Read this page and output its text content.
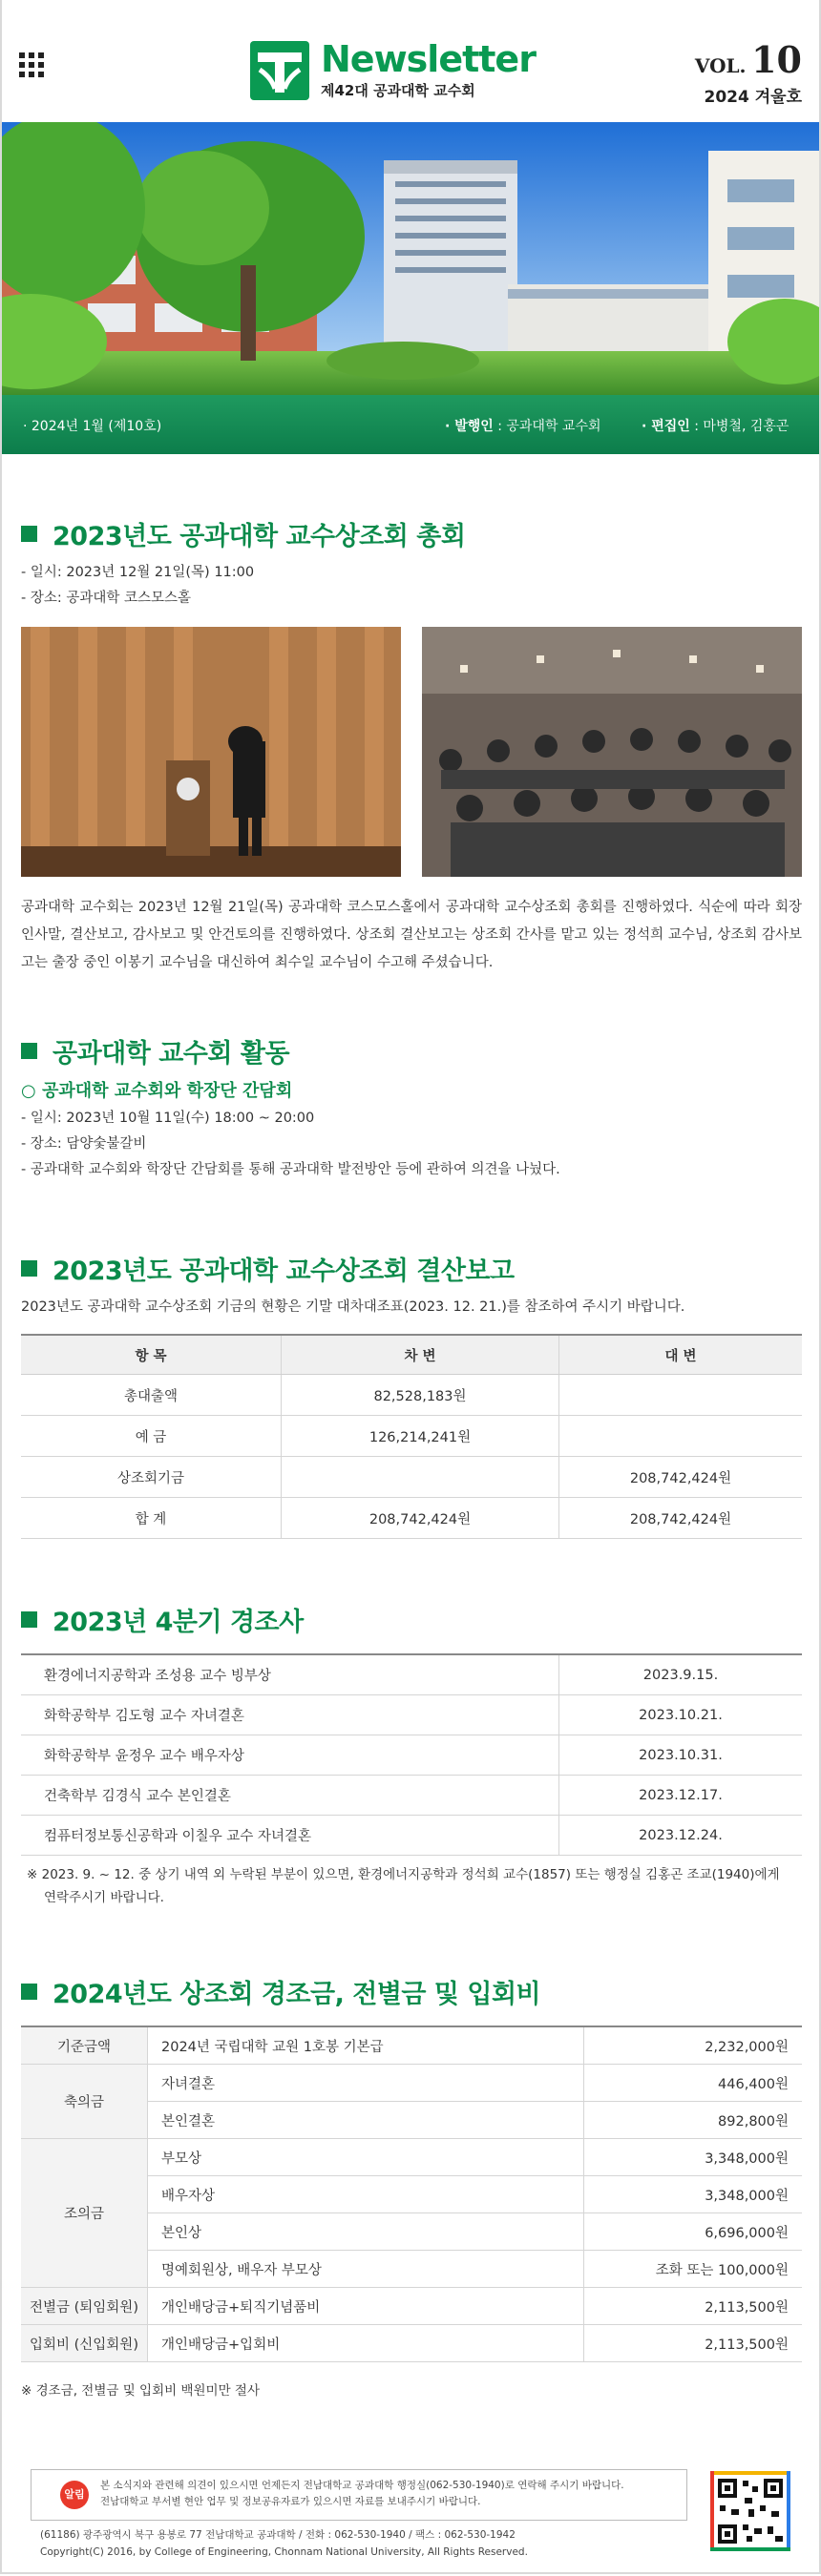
Newsletter
제42대 공과대학 교수회
VOL. 10
2024 겨울호
· 2024년 1월 (제10호)	· 발행인 : 공과대학 교수회	· 편집인 : 마병철, 김홍곤
2023년도 공과대학 교수상조회 총회
- 일시: 2023년 12월 21일(목) 11:00
- 장소: 공과대학 코스모스홀
공과대학 교수회는 2023년 12월 21일(목) 공과대학 코스모스홀에서 공과대학 교수상조회 총회를 진행하였다. 식순에 따라 회장 인사말, 결산보고, 감사보고 및 안건토의를 진행하였다. 상조회 결산보고는 상조회 간사를 맡고 있는 정석희 교수님, 상조회 감사보고는 출장 중인 이봉기 교수님을 대신하여 최수일 교수님이 수고해 주셨습니다.
공과대학 교수회 활동
○ 공과대학 교수회와 학장단 간담회
- 일시: 2023년 10월 11일(수) 18:00 ~ 20:00
- 장소: 담양숯불갈비
- 공과대학 교수회와 학장단 간담회를 통해 공과대학 발전방안 등에 관하여 의견을 나눴다.
2023년도 공과대학 교수상조회 결산보고
2023년도 공과대학 교수상조회 기금의 현황은 기말 대차대조표(2023. 12. 21.)를 참조하여 주시기 바랍니다.
항 목	차 변	대 변
총대출액	82,528,183원	
예 금	126,214,241원	
상조회기금		208,742,424원
합 계	208,742,424원	208,742,424원
2023년 4분기 경조사
환경에너지공학과 조성용 교수 빙부상	2023.9.15.
화학공학부 김도형 교수 자녀결혼	2023.10.21.
화학공학부 윤정우 교수 배우자상	2023.10.31.
건축학부 김경식 교수 본인결혼	2023.12.17.
컴퓨터정보통신공학과 이칠우 교수 자녀결혼	2023.12.24.
※ 2023. 9. ~ 12. 중 상기 내역 외 누락된 부분이 있으면, 환경에너지공학과 정석희 교수(1857) 또는 행정실 김홍곤 조교(1940)에게
연락주시기 바랍니다.
2024년도 상조회 경조금, 전별금 및 입회비
기준금액	2024년 국립대학 교원 1호봉 기본급	2,232,000원
축의금	자녀결혼	446,400원
	본인결혼	892,800원
조의금	부모상	3,348,000원
	배우자상	3,348,000원
	본인상	6,696,000원
	명예회원상, 배우자 부모상	조화 또는 100,000원
전별금 (퇴임회원)	개인배당금+퇴직기념품비	2,113,500원
입회비 (신입회원)	개인배당금+입회비	2,113,500원
※ 경조금, 전별금 및 입회비 백원미만 절사
알림
본 소식지와 관련해 의견이 있으시면 언제든지 전남대학교 공과대학 행정실(062-530-1940)로 연락해 주시기 바랍니다.
전남대학교 부서별 현안 업무 및 정보공유자료가 있으시면 자료를 보내주시기 바랍니다.
(61186) 광주광역시 북구 용봉로 77 전남대학교 공과대학 / 전화 : 062-530-1940 / 팩스 : 062-530-1942
Copyright(C) 2016, by College of Engineering, Chonnam National University, All Rights Reserved.
